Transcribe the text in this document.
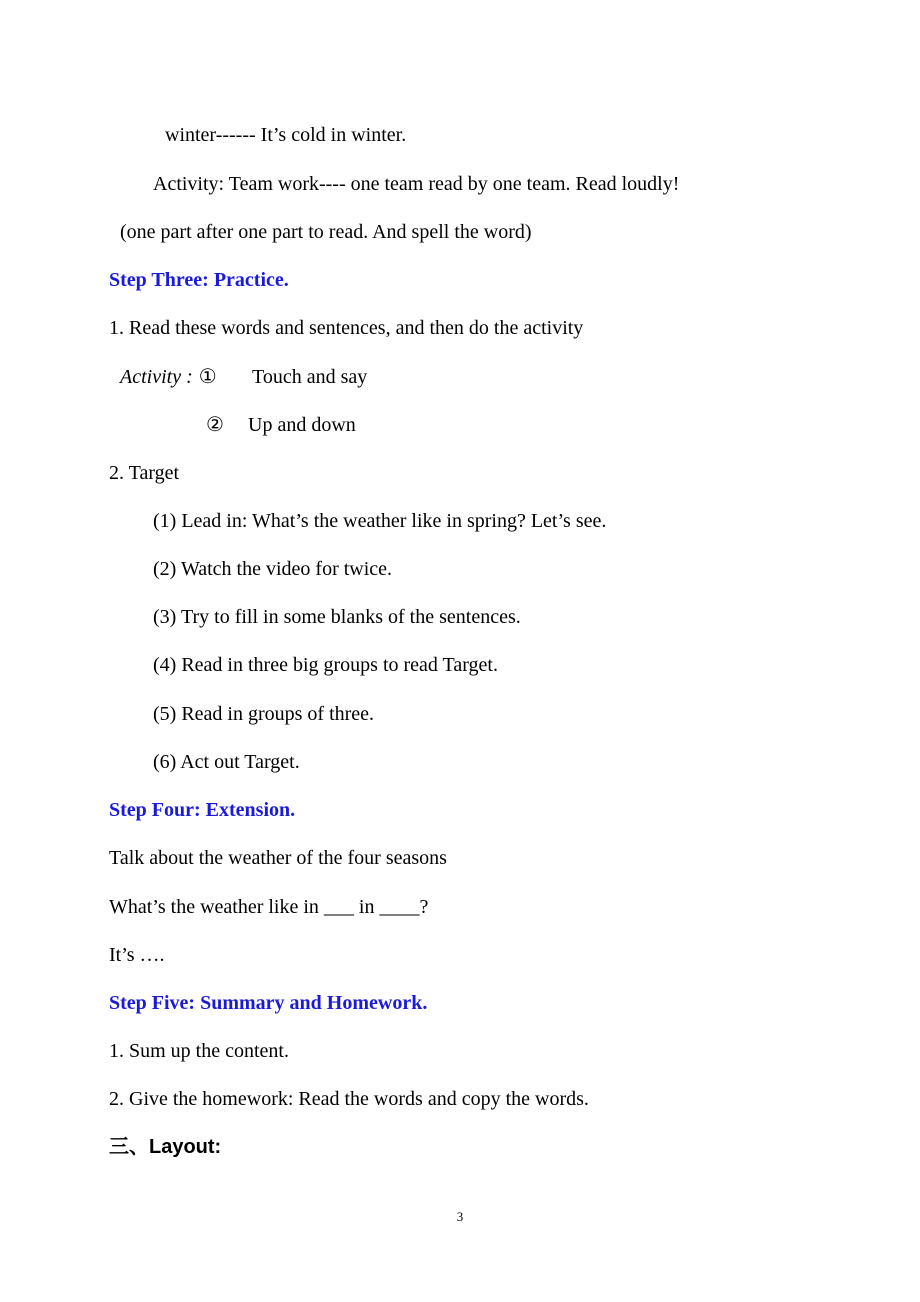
winter------ It’s cold in winter.
Activity: Team work---- one team read by one team. Read loudly!
(one part after one part to read. And spell the word)
Step Three: Practice.
1. Read these words and sentences, and then do the activity
Activity : ① Touch and say
② Up and down
2. Target
(1) Lead in: What’s the weather like in spring? Let’s see.
(2) Watch the video for twice.
(3) Try to fill in some blanks of the sentences.
(4) Read in three big groups to read Target.
(5) Read in groups of three.
(6) Act out Target.
Step Four: Extension.
Talk about the weather of the four seasons
What’s the weather like in ___ in ____?
It’s ….
Step Five: Summary and Homework.
1. Sum up the content.
2. Give the homework: Read the words and copy the words.
三、Layout:
3
